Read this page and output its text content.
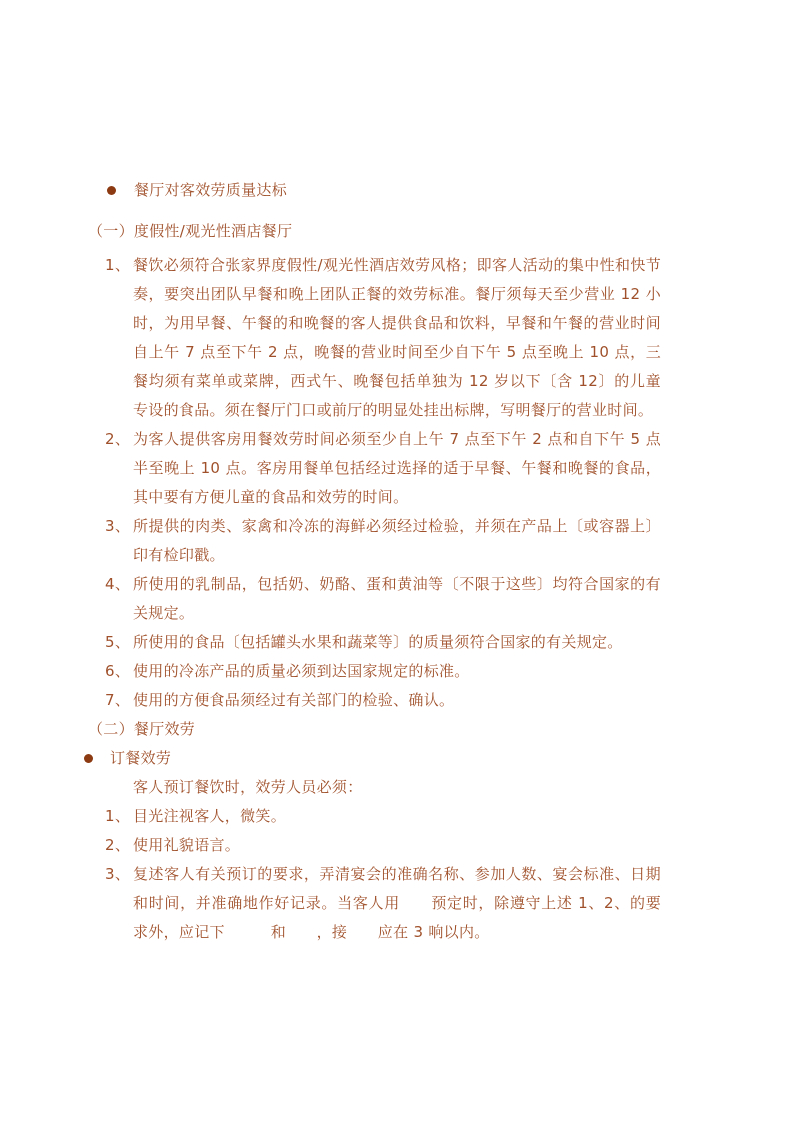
餐厅对客效劳质量达标
（一）度假性/观光性酒店餐厅
1、 餐饮必须符合张家界度假性/观光性酒店效劳风格；即客人活动的集中性和快节奏，要突出团队早餐和晚上团队正餐的效劳标准。餐厅须每天至少营业 12 小时，为用早餐、午餐的和晚餐的客人提供食品和饮料，早餐和午餐的营业时间自上午 7 点至下午 2 点，晚餐的营业时间至少自下午 5 点至晚上 10 点，三餐均须有菜单或菜牌，西式午、晚餐包括单独为 12 岁以下〔含 12〕的儿童专设的食品。须在餐厅门口或前厅的明显处挂出标牌，写明餐厅的营业时间。
2、 为客人提供客房用餐效劳时间必须至少自上午 7 点至下午 2 点和自下午 5 点半至晚上 10 点。客房用餐单包括经过选择的适于早餐、午餐和晚餐的食品，其中要有方便儿童的食品和效劳的时间。
3、 所提供的肉类、家禽和冷冻的海鲜必须经过检验，并须在产品上〔或容器上〕印有检印戳。
4、 所使用的乳制品，包括奶、奶酪、蛋和黄油等〔不限于这些〕均符合国家的有关规定。
5、 所使用的食品〔包括罐头水果和蔬菜等〕的质量须符合国家的有关规定。
6、 使用的冷冻产品的质量必须到达国家规定的标准。
7、 使用的方便食品须经过有关部门的检验、确认。
（二）餐厅效劳
订餐效劳
客人预订餐饮时，效劳人员必须：
1、 目光注视客人，微笑。
2、 使用礼貌语言。
3、 复述客人有关预订的要求，弄清宴会的准确名称、参加人数、宴会标准、日期和时间，并准确地作好记录。当客人用　　预定时，除遵守上述 1、2、的要求外，应记下　　　和　　，接　　应在 3 响以内。
